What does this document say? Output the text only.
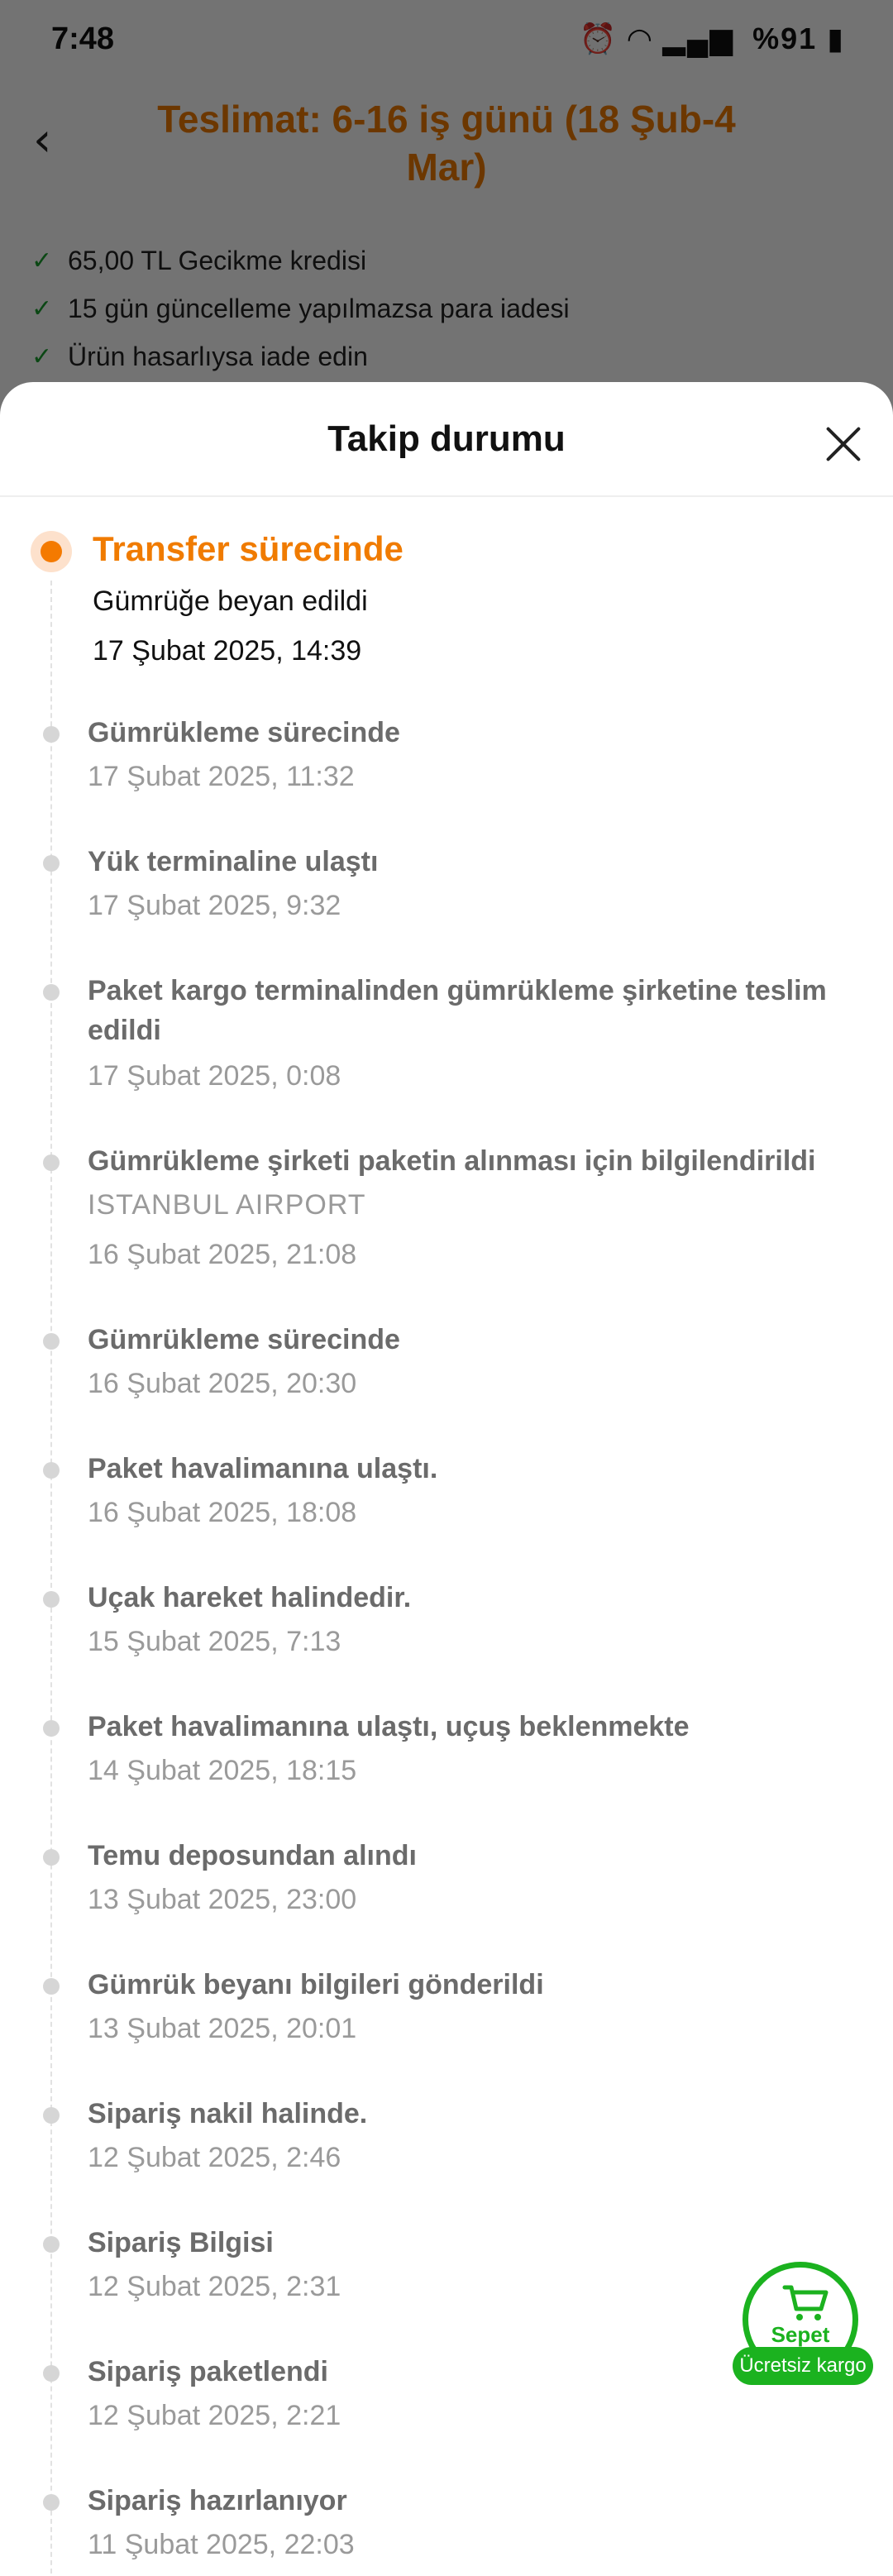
Takip durumu
Transfer sürecinde
Gümrüğe beyan edildi
17 Şubat 2025, 14:39
Gümrükleme sürecinde
17 Şubat 2025, 11:32
Yük terminaline ulaştı
17 Şubat 2025, 9:32
Paket kargo terminalinden gümrükleme şirketine teslim edildi
17 Şubat 2025, 0:08
Gümrükleme şirketi paketin alınması için bilgilendirildi
ISTANBUL AIRPORT
16 Şubat 2025, 21:08
Gümrükleme sürecinde
16 Şubat 2025, 20:30
Paket havalimanına ulaştı.
16 Şubat 2025, 18:08
Uçak hareket halindedir.
15 Şubat 2025, 7:13
Paket havalimanına ulaştı, uçuş beklenmekte
14 Şubat 2025, 18:15
Temu deposundan alındı
13 Şubat 2025, 23:00
Gümrük beyanı bilgileri gönderildi
13 Şubat 2025, 20:01
Sipariş nakil halinde.
12 Şubat 2025, 2:46
Sipariş Bilgisi
12 Şubat 2025, 2:31
Sipariş paketlendi
12 Şubat 2025, 2:21
Sipariş hazırlanıyor
11 Şubat 2025, 22:03
Sepet
Ücretsiz kargo
